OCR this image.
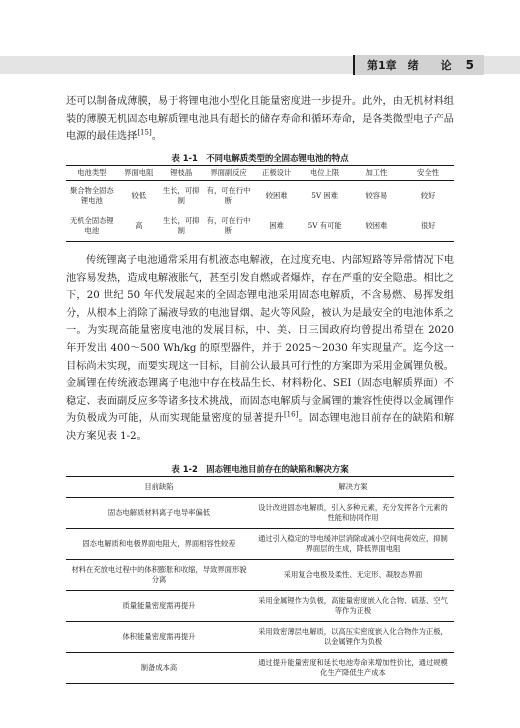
第1章　绪　　论 5

还可以制备成薄膜，易于将锂电池小型化且能量密度进一步提升。此外，由无机材料组装的薄膜无机固态电解质锂电池具有超长的储存寿命和循环寿命，是各类微型电子产品电源的最佳选择[15]。

表 1-1　不同电解质类型的全固态锂电池的特点

电池类型	界面电阻	锂枝晶	界面副反应	正极设计	电位上限	加工性	安全性
聚合物全固态锂电池	较低	生长，可抑制	有，可在行中断	较困难	5V 困难	较容易	较好
无机全固态锂电池	高	生长，可抑制	有，可在行中断	困难	5V 有可能	较困难	很好

传统锂离子电池通常采用有机液态电解液，在过度充电、内部短路等异常情况下电池容易发热，造成电解液胀气，甚至引发自燃或者爆炸，存在严重的安全隐患。相比之下，20 世纪 50 年代发展起来的全固态锂电池采用固态电解质，不含易燃、易挥发组分，从根本上消除了漏液导致的电池冒烟、起火等风险，被认为是最安全的电池体系之一。为实现高能量密度电池的发展目标，中、美、日三国政府均曾提出希望在 2020 年开发出 400～500 Wh/kg 的原型器件，并于 2025～2030 年实现量产。迄今这一目标尚未实现，而要实现这一目标，目前公认最具可行性的方案即为采用金属锂负极。金属锂在传统液态锂离子电池中存在枝晶生长、材料粉化、SEI（固态电解质界面）不稳定、表面副反应多等诸多技术挑战，而固态电解质与金属锂的兼容性使得以金属锂作为负极成为可能，从而实现能量密度的显著提升[16]。固态锂电池目前存在的缺陷和解决方案见表 1-2。

表 1-2　固态锂电池目前存在的缺陷和解决方案

目前缺陷	解决方案
固态电解质材料离子电导率偏低	设计改进固态电解质，引入多种元素，充分发挥各个元素的性能和协同作用
固态电解质和电极界面电阻大，界面相容性较差	通过引入稳定的导电缓冲层消除或减小空间电荷效应，抑制界面层的生成，降低界面电阻
材料在充放电过程中的体积膨胀和收缩，导致界面形貌分离	采用复合电极及柔性、无定形、凝胶态界面
质量能量密度需再提升	采用金属锂作为负极，高能量密度嵌入化合物、硫基、空气等作为正极
体积能量密度需再提升	采用致密薄层电解质，以高压实密度嵌入化合物作为正极，以金属锂作为负极
制备成本高	通过提升能量密度和延长电池寿命来增加性价比，通过规模化生产降低生产成本
